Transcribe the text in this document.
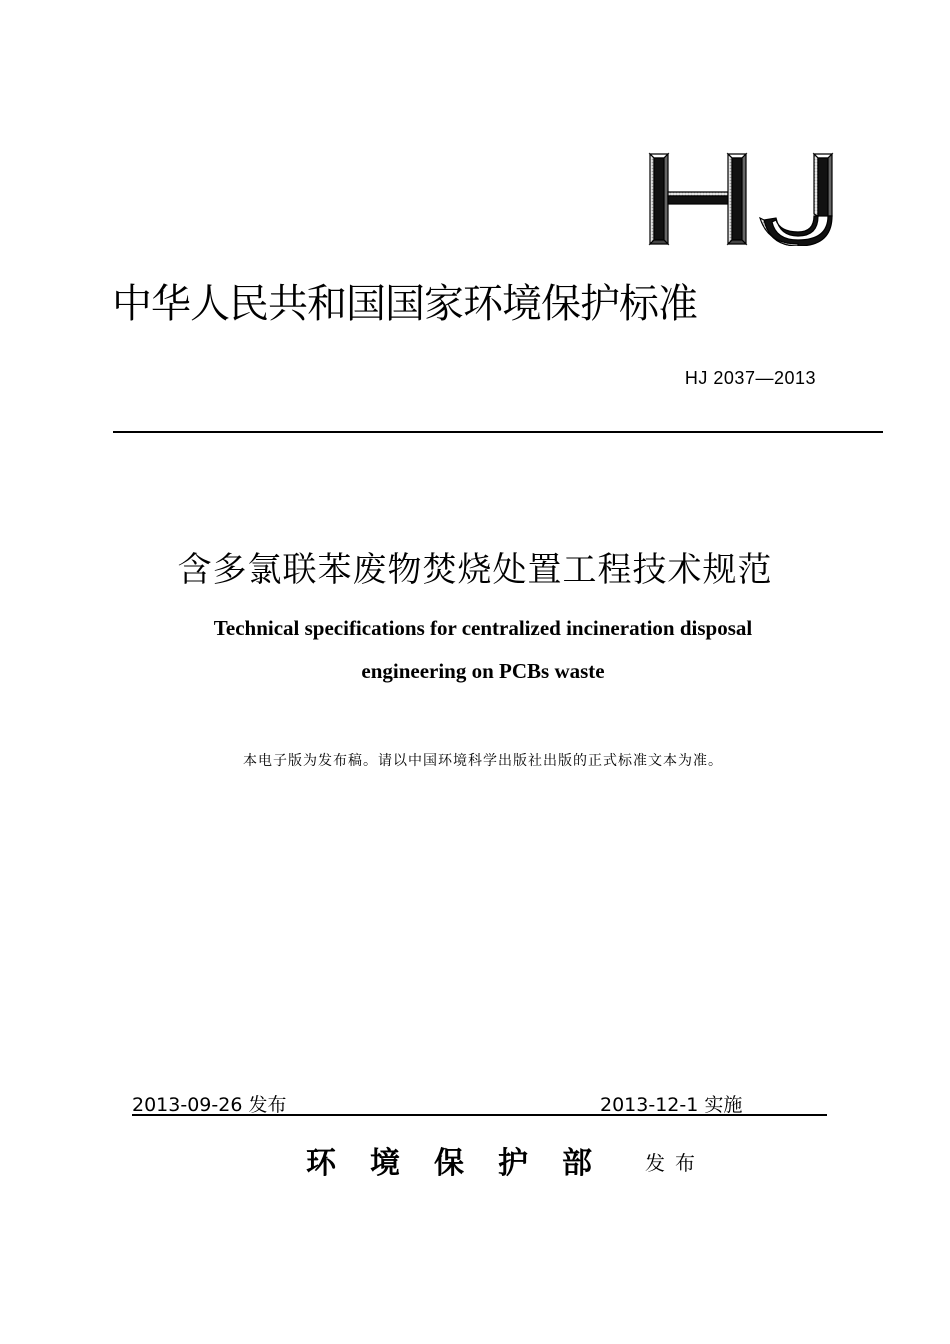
中华人民共和国国家环境保护标准
HJ 2037—2013
含多氯联苯废物焚烧处置工程技术规范
Technical specifications for centralized incineration disposal
engineering on PCBs waste
本电子版为发布稿。请以中国环境科学出版社出版的正式标准文本为准。
2013-09-26 发布	2013-12-1 实施
环境保护部 发布
